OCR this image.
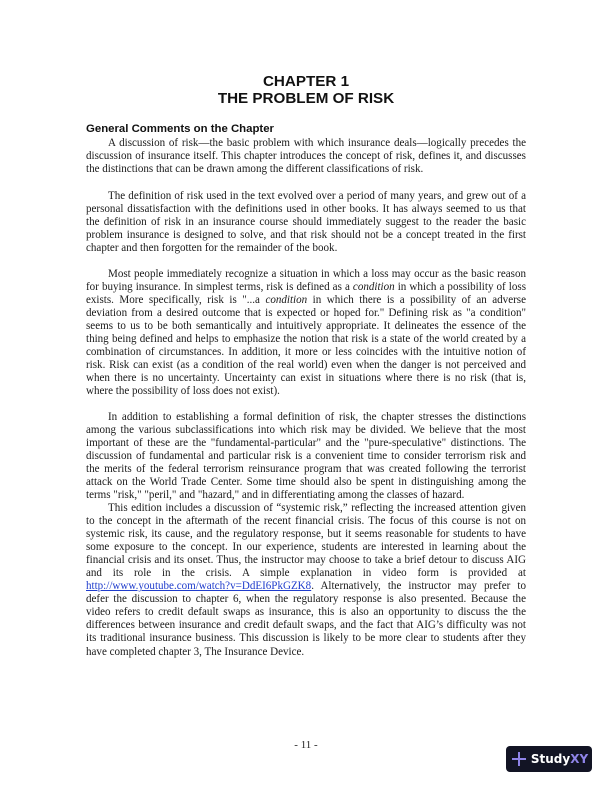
CHAPTER 1
THE PROBLEM OF RISK
General Comments on the Chapter
A discussion of risk—the basic problem with which insurance deals—logically precedes the
discussion of insurance itself. This chapter introduces the concept of risk, defines it, and discusses
the distinctions that can be drawn among the different classifications of risk.
The definition of risk used in the text evolved over a period of many years, and grew out of a
personal dissatisfaction with the definitions used in other books. It has always seemed to us that
the definition of risk in an insurance course should immediately suggest to the reader the basic
problem insurance is designed to solve, and that risk should not be a concept treated in the first
chapter and then forgotten for the remainder of the book.
Most people immediately recognize a situation in which a loss may occur as the basic reason
for buying insurance. In simplest terms, risk is defined as a condition in which a possibility of loss
exists. More specifically, risk is "...a condition in which there is a possibility of an adverse
deviation from a desired outcome that is expected or hoped for." Defining risk as "a condition"
seems to us to be both semantically and intuitively appropriate. It delineates the essence of the
thing being defined and helps to emphasize the notion that risk is a state of the world created by a
combination of circumstances. In addition, it more or less coincides with the intuitive notion of
risk. Risk can exist (as a condition of the real world) even when the danger is not perceived and
when there is no uncertainty. Uncertainty can exist in situations where there is no risk (that is,
where the possibility of loss does not exist).
In addition to establishing a formal definition of risk, the chapter stresses the distinctions
among the various subclassifications into which risk may be divided. We believe that the most
important of these are the "fundamental-particular" and the "pure-speculative" distinctions. The
discussion of fundamental and particular risk is a convenient time to consider terrorism risk and
the merits of the federal terrorism reinsurance program that was created following the terrorist
attack on the World Trade Center. Some time should also be spent in distinguishing among the
terms "risk," "peril," and "hazard," and in differentiating among the classes of hazard.
This edition includes a discussion of “systemic risk,” reflecting the increased attention given
to the concept in the aftermath of the recent financial crisis. The focus of this course is not on
systemic risk, its cause, and the regulatory response, but it seems reasonable for students to have
some exposure to the concept. In our experience, students are interested in learning about the
financial crisis and its onset. Thus, the instructor may choose to take a brief detour to discuss AIG
and its role in the crisis. A simple explanation in video form is provided at
http://www.youtube.com/watch?v=DdEI6PkGZK8. Alternatively, the instructor may prefer to
defer the discussion to chapter 6, when the regulatory response is also presented. Because the
video refers to credit default swaps as insurance, this is also an opportunity to discuss the the
differences between insurance and credit default swaps, and the fact that AIG’s difficulty was not
its traditional insurance business. This discussion is likely to be more clear to students after they
have completed chapter 3, The Insurance Device.
- 11 -
Study XY
